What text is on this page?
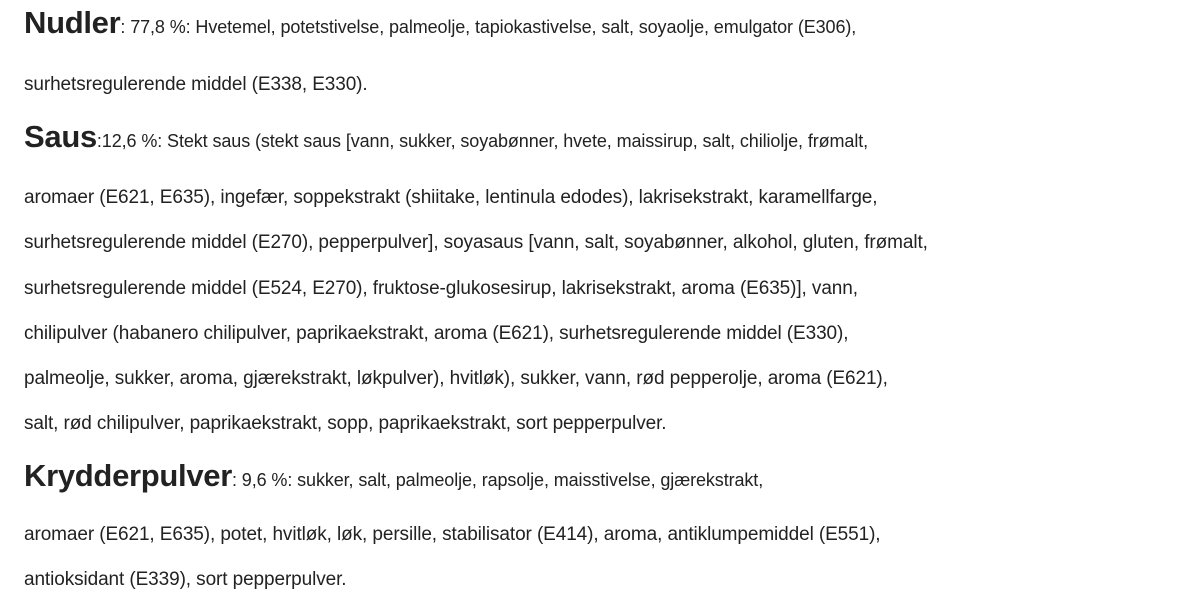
Nudler: 77,8 %: Hvetemel, potetstivelse, palmeolje, tapiokastivelse, salt, soyaolje, emulgator (E306),
surhetsregulerende middel (E338, E330).
Saus:12,6 %: Stekt saus (stekt saus [vann, sukker, soyabønner, hvete, maissirup, salt, chiliolje, frømalt,
aromaer (E621, E635), ingefær, soppekstrakt (shiitake, lentinula edodes), lakrisekstrakt, karamellfarge,
surhetsregulerende middel (E270), pepperpulver], soyasaus [vann, salt, soyabønner, alkohol, gluten, frømalt,
surhetsregulerende middel (E524, E270), fruktose-glukosesirup, lakrisekstrakt, aroma (E635)], vann,
chilipulver (habanero chilipulver, paprikaekstrakt, aroma (E621), surhetsregulerende middel (E330),
palmeolje, sukker, aroma, gjærekstrakt, løkpulver), hvitløk), sukker, vann, rød pepperolje, aroma (E621),
salt, rød chilipulver, paprikaekstrakt, sopp, paprikaekstrakt, sort pepperpulver.
Krydderpulver: 9,6 %: sukker, salt, palmeolje, rapsolje, maisstivelse, gjærekstrakt,
aromaer (E621, E635), potet, hvitløk, løk, persille, stabilisator (E414), aroma, antiklumpemiddel (E551),
antioksidant (E339), sort pepperpulver.
